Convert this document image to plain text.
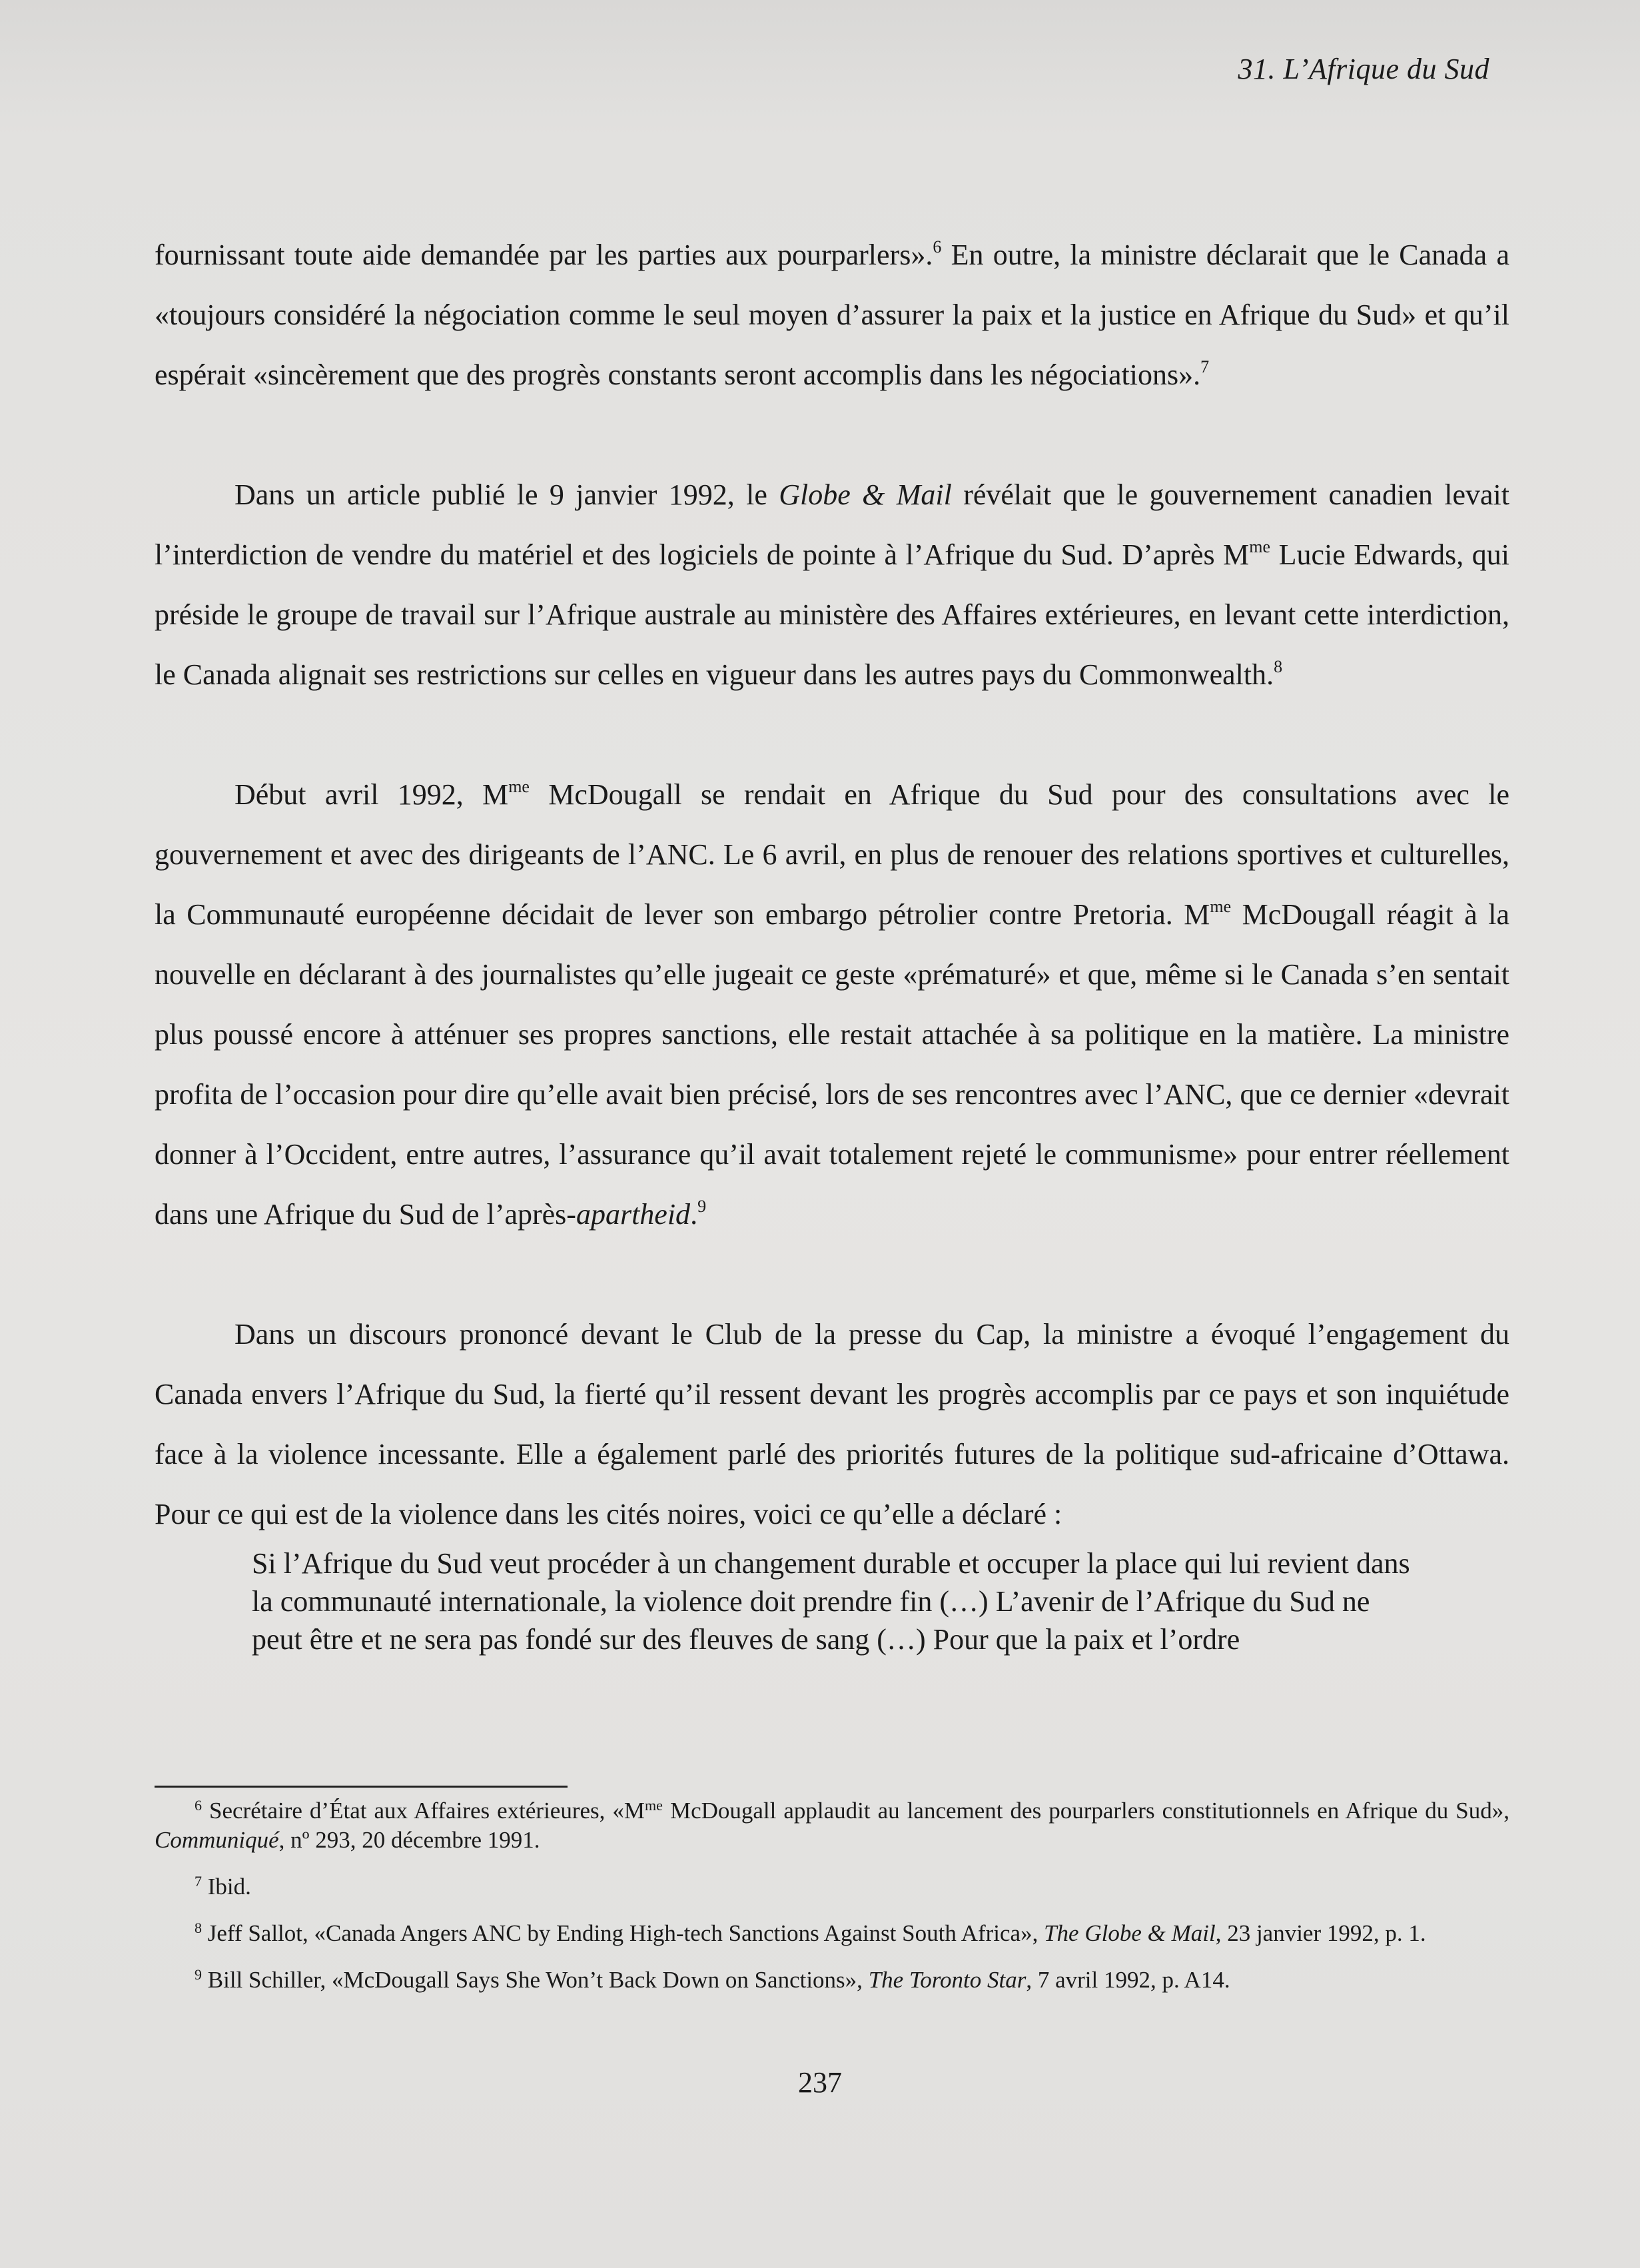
31. L’Afrique du Sud

fournissant toute aide demandée par les parties aux pourparlers».$^6$ En outre, la ministre déclarait que le Canada a «toujours considéré la négociation comme le seul moyen d’assurer la paix et la justice en Afrique du Sud» et qu’il espérait «sincèrement que des progrès constants seront accomplis dans les négociations».$^7$

Dans un article publié le 9 janvier 1992, le Globe & Mail révélait que le gouvernement canadien levait l’interdiction de vendre du matériel et des logiciels de pointe à l’Afrique du Sud. D’après $M^{me}$ Lucie Edwards, qui préside le groupe de travail sur l’Afrique australe au ministère des Affaires extérieures, en levant cette interdiction, le Canada alignait ses restrictions sur celles en vigueur dans les autres pays du Commonwealth.$^8$

Début avril 1992, $M^{me}$ McDougall se rendait en Afrique du Sud pour des consultations avec le gouvernement et avec des dirigeants de l’ANC. Le 6 avril, en plus de renouer des relations sportives et culturelles, la Communauté européenne décidait de lever son embargo pétrolier contre Pretoria. $M^{me}$ McDougall réagit à la nouvelle en déclarant à des journalistes qu’elle jugeait ce geste «prématuré» et que, même si le Canada s’en sentait plus poussé encore à atténuer ses propres sanctions, elle restait attachée à sa politique en la matière. La ministre profita de l’occasion pour dire qu’elle avait bien précisé, lors de ses rencontres avec l’ANC, que ce dernier «devrait donner à l’Occident, entre autres, l’assurance qu’il avait totalement rejeté le communisme» pour entrer réellement dans une Afrique du Sud de l’après-apartheid.$^9$

Dans un discours prononcé devant le Club de la presse du Cap, la ministre a évoqué l’engagement du Canada envers l’Afrique du Sud, la fierté qu’il ressent devant les progrès accomplis par ce pays et son inquiétude face à la violence incessante. Elle a également parlé des priorités futures de la politique sud-africaine d’Ottawa. Pour ce qui est de la violence dans les cités noires, voici ce qu’elle a déclaré :

Si l’Afrique du Sud veut procéder à un changement durable et occuper la place qui lui revient dans la communauté internationale, la violence doit prendre fin (…) L’avenir de l’Afrique du Sud ne peut être et ne sera pas fondé sur des fleuves de sang (…) Pour que la paix et l’ordre

$^6$ Secrétaire d’État aux Affaires extérieures, «$M^{me}$ McDougall applaudit au lancement des pourparlers constitutionnels en Afrique du Sud», Communiqué, nº 293, 20 décembre 1991.

$^7$ Ibid.

$^8$ Jeff Sallot, «Canada Angers ANC by Ending High-tech Sanctions Against South Africa», The Globe & Mail, 23 janvier 1992, p. 1.

$^9$ Bill Schiller, «McDougall Says She Won’t Back Down on Sanctions», The Toronto Star, 7 avril 1992, p. A14.

237
